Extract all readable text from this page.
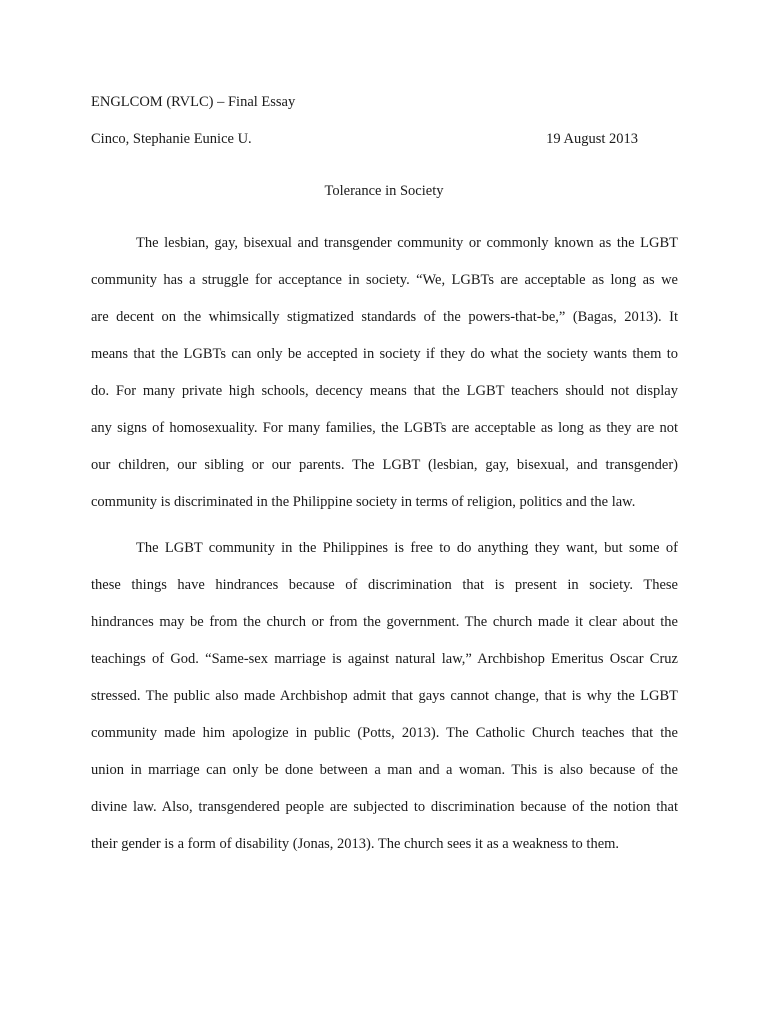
ENGLCOM (RVLC) – Final Essay
Cinco, Stephanie Eunice U.	19 August 2013
Tolerance in Society
The lesbian, gay, bisexual and transgender community or commonly known as the LGBT
community has a struggle for acceptance in society. “We, LGBTs are acceptable as long as we
are decent on the whimsically stigmatized standards of the powers-that-be,” (Bagas, 2013). It
means that the LGBTs can only be accepted in society if they do what the society wants them to
do. For many private high schools, decency means that the LGBT teachers should not display
any signs of homosexuality. For many families, the LGBTs are acceptable as long as they are not
our children, our sibling or our parents. The LGBT (lesbian, gay, bisexual, and transgender)
community is discriminated in the Philippine society in terms of religion, politics and the law.
The LGBT community in the Philippines is free to do anything they want, but some of
these things have hindrances because of discrimination that is present in society. These
hindrances may be from the church or from the government. The church made it clear about the
teachings of God. “Same-sex marriage is against natural law,” Archbishop Emeritus Oscar Cruz
stressed. The public also made Archbishop admit that gays cannot change, that is why the LGBT
community made him apologize in public (Potts, 2013). The Catholic Church teaches that the
union in marriage can only be done between a man and a woman. This is also because of the
divine law. Also, transgendered people are subjected to discrimination because of the notion that
their gender is a form of disability (Jonas, 2013). The church sees it as a weakness to them.
